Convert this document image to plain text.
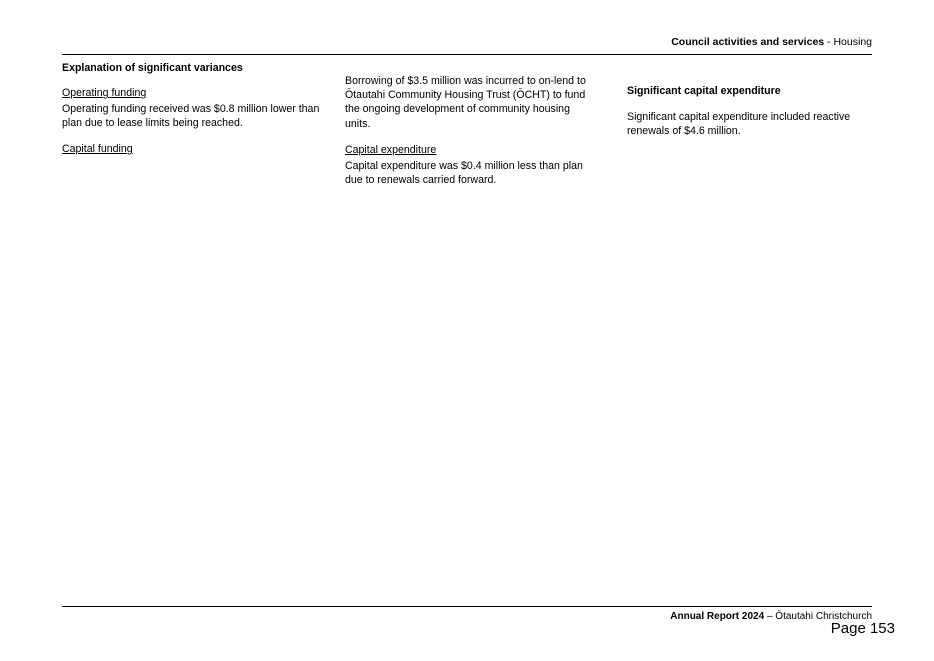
Council activities and services - Housing

Explanation of significant variances

Operating funding

Operating funding received was $0.8 million lower than plan due to lease limits being reached.

Capital funding

Borrowing of $3.5 million was incurred to on-lend to Ōtautahi Community Housing Trust (ŌCHT) to fund the ongoing development of community housing units.

Capital expenditure

Capital expenditure was $0.4 million less than plan due to renewals carried forward.

Significant capital expenditure

Significant capital expenditure included reactive renewals of $4.6 million.

Annual Report 2024 – Ōtautahi Christchurch
Page 153
